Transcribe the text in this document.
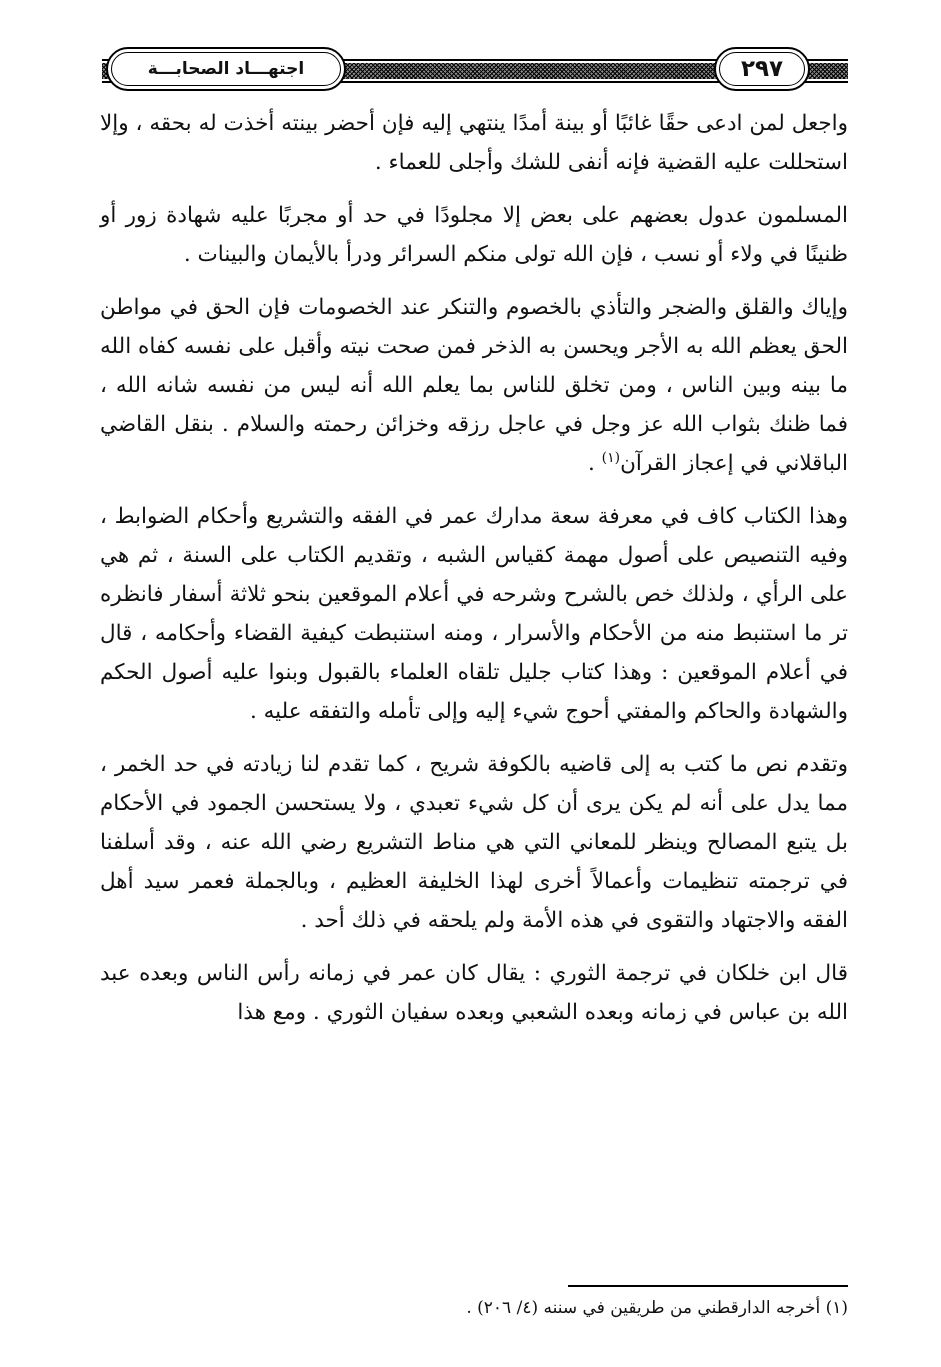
اجتهـــاد الصحابـــة	٢٩٧

واجعل لمن ادعى حقًا غائبًا أو بينة أمدًا ينتهي إليه فإن أحضر بينته أخذت له بحقه ، وإلا استحللت عليه القضية فإنه أنفى للشك وأجلى للعماء .

المسلمون عدول بعضهم على بعض إلا مجلودًا في حد أو مجربًا عليه شهادة زور أو ظنينًا في ولاء أو نسب ، فإن الله تولى منكم السرائر ودرأ بالأيمان والبينات .

وإياك والقلق والضجر والتأذي بالخصوم والتنكر عند الخصومات فإن الحق في مواطن الحق يعظم الله به الأجر ويحسن به الذخر فمن صحت نيته وأقبل على نفسه كفاه الله ما بينه وبين الناس ، ومن تخلق للناس بما يعلم الله أنه ليس من نفسه شانه الله ، فما ظنك بثواب الله عز وجل في عاجل رزقه وخزائن رحمته والسلام . بنقل القاضي الباقلاني في إعجاز القرآن$^{(١)}$ .

وهذا الكتاب كاف في معرفة سعة مدارك عمر في الفقه والتشريع وأحكام الضوابط ، وفيه التنصيص على أصول مهمة كقياس الشبه ، وتقديم الكتاب على السنة ، ثم هي على الرأي ، ولذلك خص بالشرح وشرحه في أعلام الموقعين بنحو ثلاثة أسفار فانظره تر ما استنبط منه من الأحكام والأسرار ، ومنه استنبطت كيفية القضاء وأحكامه ، قال في أعلام الموقعين : وهذا كتاب جليل تلقاه العلماء بالقبول وبنوا عليه أصول الحكم والشهادة والحاكم والمفتي أحوج شيء إليه وإلى تأمله والتفقه عليه .

وتقدم نص ما كتب به إلى قاضيه بالكوفة شريح ، كما تقدم لنا زيادته في حد الخمر ، مما يدل على أنه لم يكن يرى أن كل شيء تعبدي ، ولا يستحسن الجمود في الأحكام بل يتبع المصالح وينظر للمعاني التي هي مناط التشريع رضي الله عنه ، وقد أسلفنا في ترجمته تنظيمات وأعمالاً أخرى لهذا الخليفة العظيم ، وبالجملة فعمر سيد أهل الفقه والاجتهاد والتقوى في هذه الأمة ولم يلحقه في ذلك أحد .

قال ابن خلكان في ترجمة الثوري : يقال كان عمر في زمانه رأس الناس وبعده عبد الله بن عباس في زمانه وبعده الشعبي وبعده سفيان الثوري . ومع هذا

(١) أخرجه الدارقطني من طريقين في سننه (٤/ ٢٠٦) .
